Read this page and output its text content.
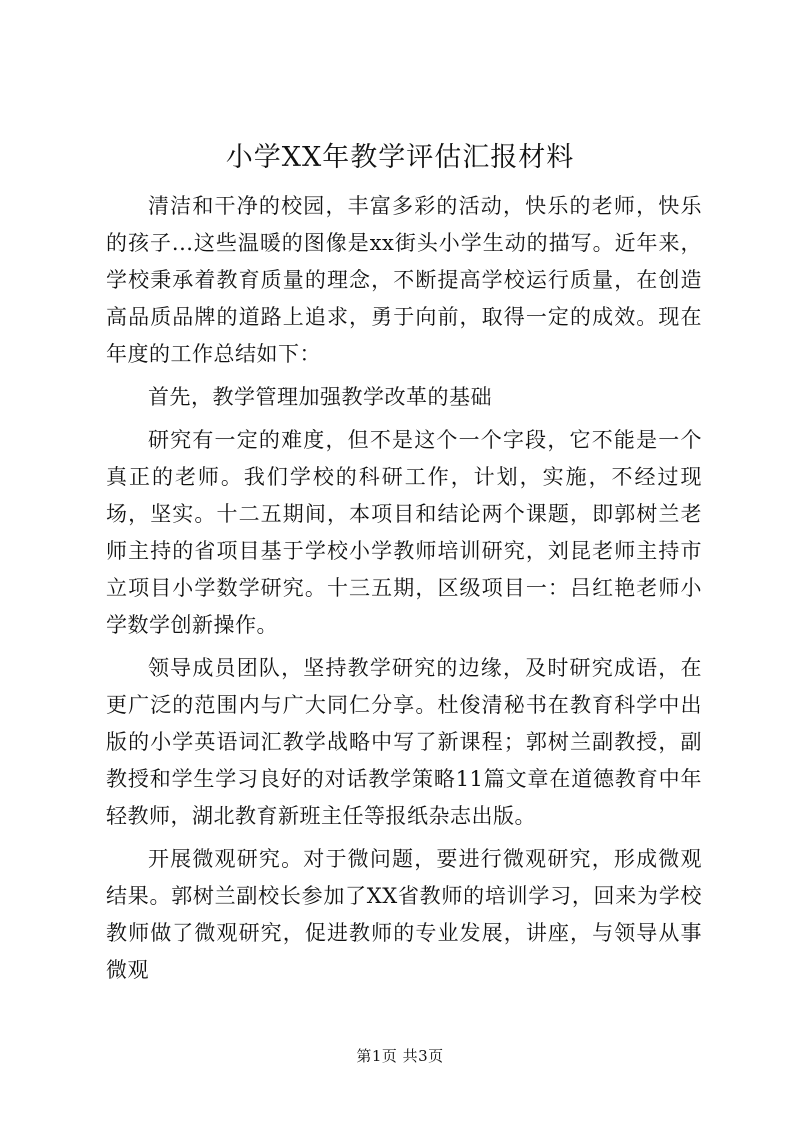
小学XX年教学评估汇报材料

清洁和干净的校园，丰富多彩的活动，快乐的老师，快乐的孩子...这些温暖的图像是xx街头小学生动的描写。近年来，学校秉承着教育质量的理念，不断提高学校运行质量，在创造高品质品牌的道路上追求，勇于向前，取得一定的成效。现在年度的工作总结如下：

首先，教学管理加强教学改革的基础

研究有一定的难度，但不是这个一个字段，它不能是一个真正的老师。我们学校的科研工作，计划，实施，不经过现场，坚实。十二五期间，本项目和结论两个课题，即郭树兰老师主持的省项目基于学校小学教师培训研究，刘昆老师主持市立项目小学数学研究。十三五期，区级项目一：吕红艳老师小学数学创新操作。

领导成员团队，坚持教学研究的边缘，及时研究成语，在更广泛的范围内与广大同仁分享。杜俊清秘书在教育科学中出版的小学英语词汇教学战略中写了新课程；郭树兰副教授，副教授和学生学习良好的对话教学策略11篇文章在道德教育中年轻教师，湖北教育新班主任等报纸杂志出版。

开展微观研究。对于微问题，要进行微观研究，形成微观结果。郭树兰副校长参加了XX省教师的培训学习，回来为学校教师做了微观研究，促进教师的专业发展，讲座，与领导从事微观

第1页 共3页
